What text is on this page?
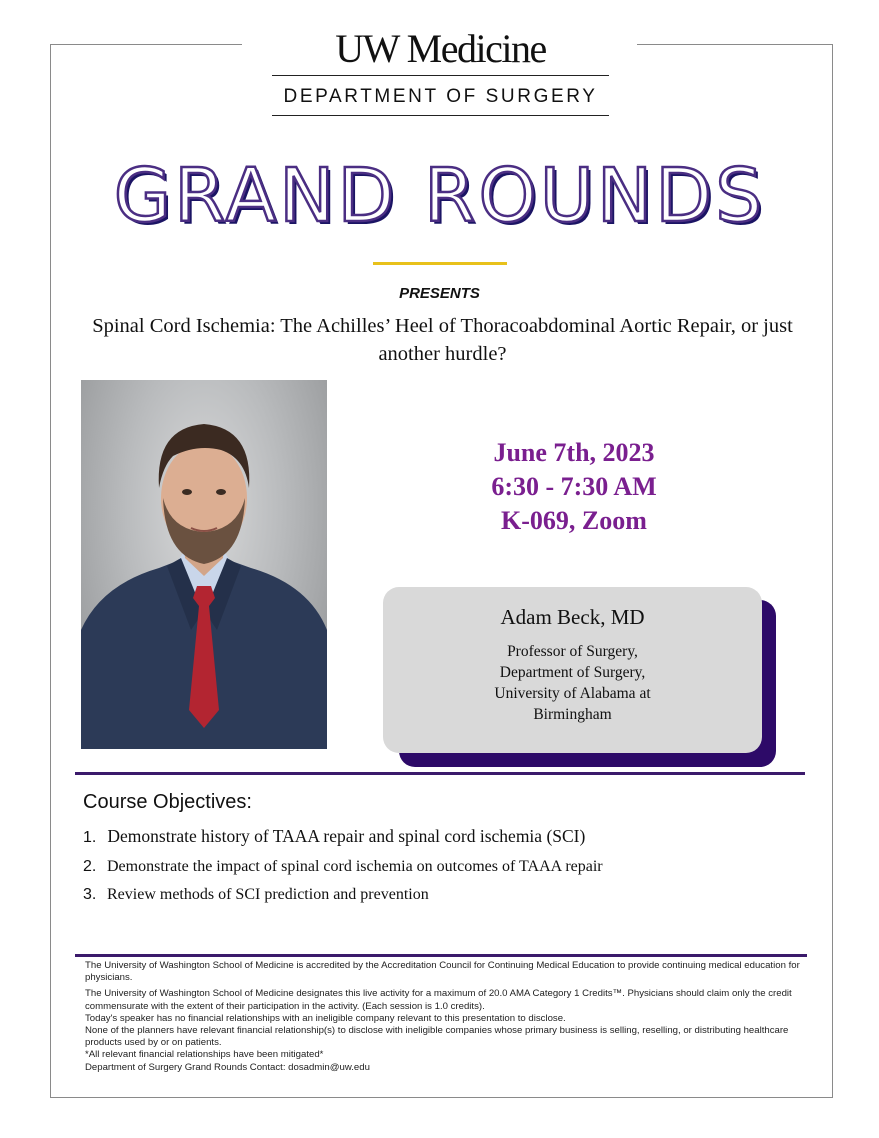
UW Medicine
DEPARTMENT OF SURGERY
GRAND ROUNDS
PRESENTS
Spinal Cord Ischemia: The Achilles’ Heel of Thoracoabdominal Aortic Repair, or just another hurdle?
June 7th, 2023
6:30 - 7:30 AM
K-069, Zoom
Adam Beck, MD
Professor of Surgery,
Department of Surgery,
University of Alabama at
Birmingham
Course Objectives:
1. Demonstrate history of TAAA repair and spinal cord ischemia (SCI)
2. Demonstrate the impact of spinal cord ischemia on outcomes of TAAA repair
3. Review methods of SCI prediction and prevention

The University of Washington School of Medicine is accredited by the Accreditation Council for Continuing Medical Education to provide continuing medical education for physicians.

The University of Washington School of Medicine designates this live activity for a maximum of 20.0 AMA Category 1 Credits™. Physicians should claim only the credit commensurate with the extent of their participation in the activity. (Each session is 1.0 credits).

Today's speaker has no financial relationships with an ineligible company relevant to this presentation to disclose.

None of the planners have relevant financial relationship(s) to disclose with ineligible companies whose primary business is selling, reselling, or distributing healthcare products used by or on patients.

*All relevant financial relationships have been mitigated*

Department of Surgery Grand Rounds Contact: dosadmin@uw.edu
